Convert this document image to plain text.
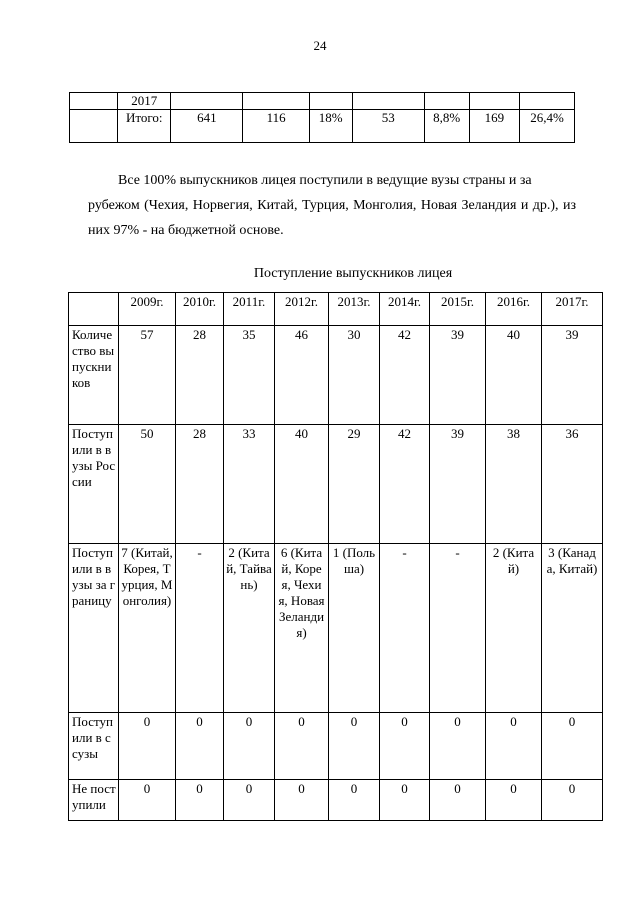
24
	2017							
	Итого:	641	116	18%	53	8,8%	169	26,4%
Все 100% выпускников лицея поступили в ведущие вузы страны и за
рубежом (Чехия, Норвегия, Китай, Турция, Монголия, Новая Зеландия и др.), из них 97% - на бюджетной основе.
Поступление выпускников лицея
	2009г.	2010г.	2011г.	2012г.	2013г.	2014г.	2015г.	2016г.	2017г.
Количество выпускников	57	28	35	46	30	42	39	40	39
Поступили в вузы России	50	28	33	40	29	42	39	38	36
Поступили в вузы за границу	7 (Китай, Корея, Турция, Монголия)	-	2 (Китай, Тайвань)	6 (Китай, Корея, Чехия, Новая Зеландия)	1 (Польша)	-	-	2 (Китай)	3 (Канада, Китай)
Поступили в ссузы	0	0	0	0	0	0	0	0	0

Не поступили	0	0	0	0	0	0	0	0	0
